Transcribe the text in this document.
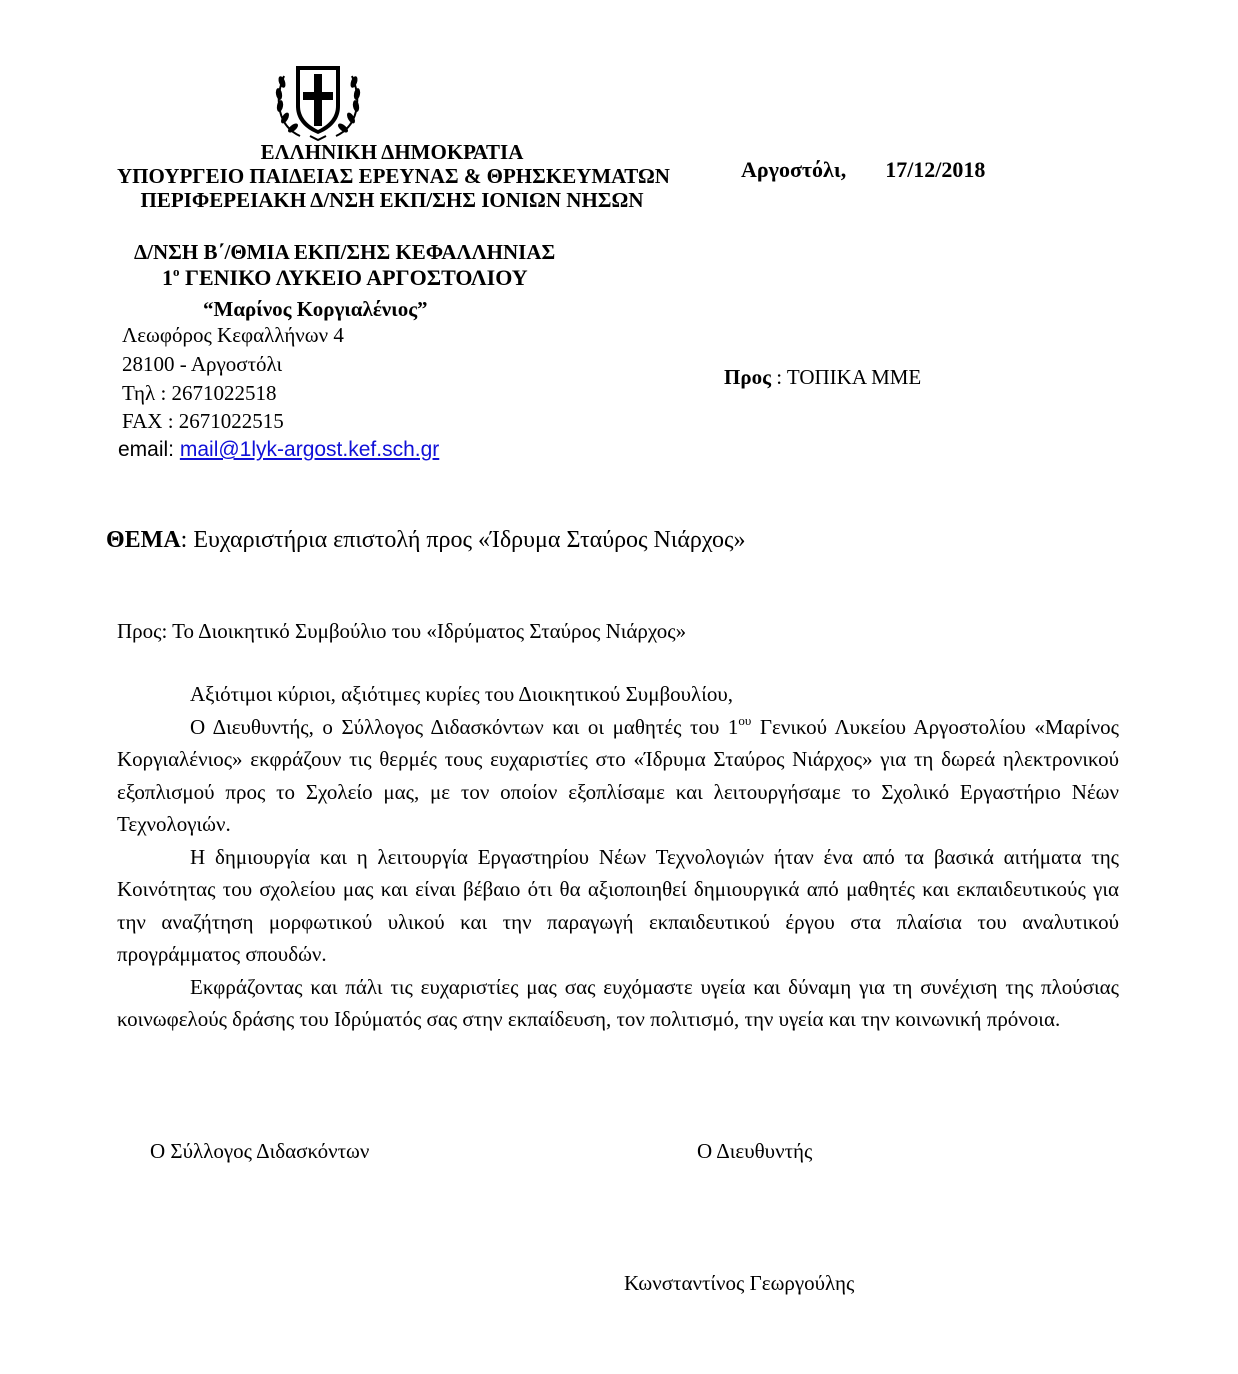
ΕΛΛΗΝΙΚΗ ΔΗΜΟΚΡΑΤΙΑ
ΥΠΟΥΡΓΕΙΟ ΠΑΙΔΕΙΑΣ ΕΡΕΥΝΑΣ & ΘΡΗΣΚΕΥΜΑΤΩΝ
ΠΕΡΙΦΕΡΕΙΑΚΗ Δ/ΝΣΗ ΕΚΠ/ΣΗΣ ΙΟΝΙΩΝ ΝΗΣΩΝ
Αργοστόλι, 17/12/2018
Δ/ΝΣΗ Β΄/ΘΜΙΑ ΕΚΠ/ΣΗΣ ΚΕΦΑΛΛΗΝΙΑΣ
$1^o$ ΓΕΝΙΚΟ ΛΥΚΕΙΟ ΑΡΓΟΣΤΟΛΙΟΥ
“Μαρίνος Κοργιαλένιος”
Λεωφόρος Κεφαλλήνων 4
28100 - Αργοστόλι
Τηλ : 2671022518
FAX : 2671022515
email: mail@1lyk-argost.kef.sch.gr
Προς : ΤΟΠΙΚΑ ΜΜΕ
ΘΕΜΑ: Ευχαριστήρια επιστολή προς «Ίδρυμα Σταύρος Νιάρχος»
Προς: Το Διοικητικό Συμβούλιο του «Ιδρύματος Σταύρος Νιάρχος»

Αξιότιμοι κύριοι, αξιότιμες κυρίες του Διοικητικού Συμβουλίου,

Ο Διευθυντής, ο Σύλλογος Διδασκόντων και οι μαθητές του $1^{o\upsilon}$ Γενικού Λυκείου Αργοστολίου «Μαρίνος Κοργιαλένιος» εκφράζουν τις θερμές τους ευχαριστίες στο «Ίδρυμα Σταύρος Νιάρχος» για τη δωρεά ηλεκτρονικού εξοπλισμού προς το Σχολείο μας, με τον οποίον εξοπλίσαμε και λειτουργήσαμε το Σχολικό Εργαστήριο Νέων Τεχνολογιών.

Η δημιουργία και η λειτουργία Εργαστηρίου Νέων Τεχνολογιών ήταν ένα από τα βασικά αιτήματα της Κοινότητας του σχολείου μας και είναι βέβαιο ότι θα αξιοποιηθεί δημιουργικά από μαθητές και εκπαιδευτικούς για την αναζήτηση μορφωτικού υλικού και την παραγωγή εκπαιδευτικού έργου στα πλαίσια του αναλυτικού προγράμματος σπουδών.

Εκφράζοντας και πάλι τις ευχαριστίες μας σας ευχόμαστε υγεία και δύναμη για τη συνέχιση της πλούσιας κοινωφελούς δράσης του Ιδρύματός σας στην εκπαίδευση, τον πολιτισμό, την υγεία και την κοινωνική πρόνοια.

Ο Σύλλογος Διδασκόντων	Ο Διευθυντής
Κωνσταντίνος Γεωργούλης
